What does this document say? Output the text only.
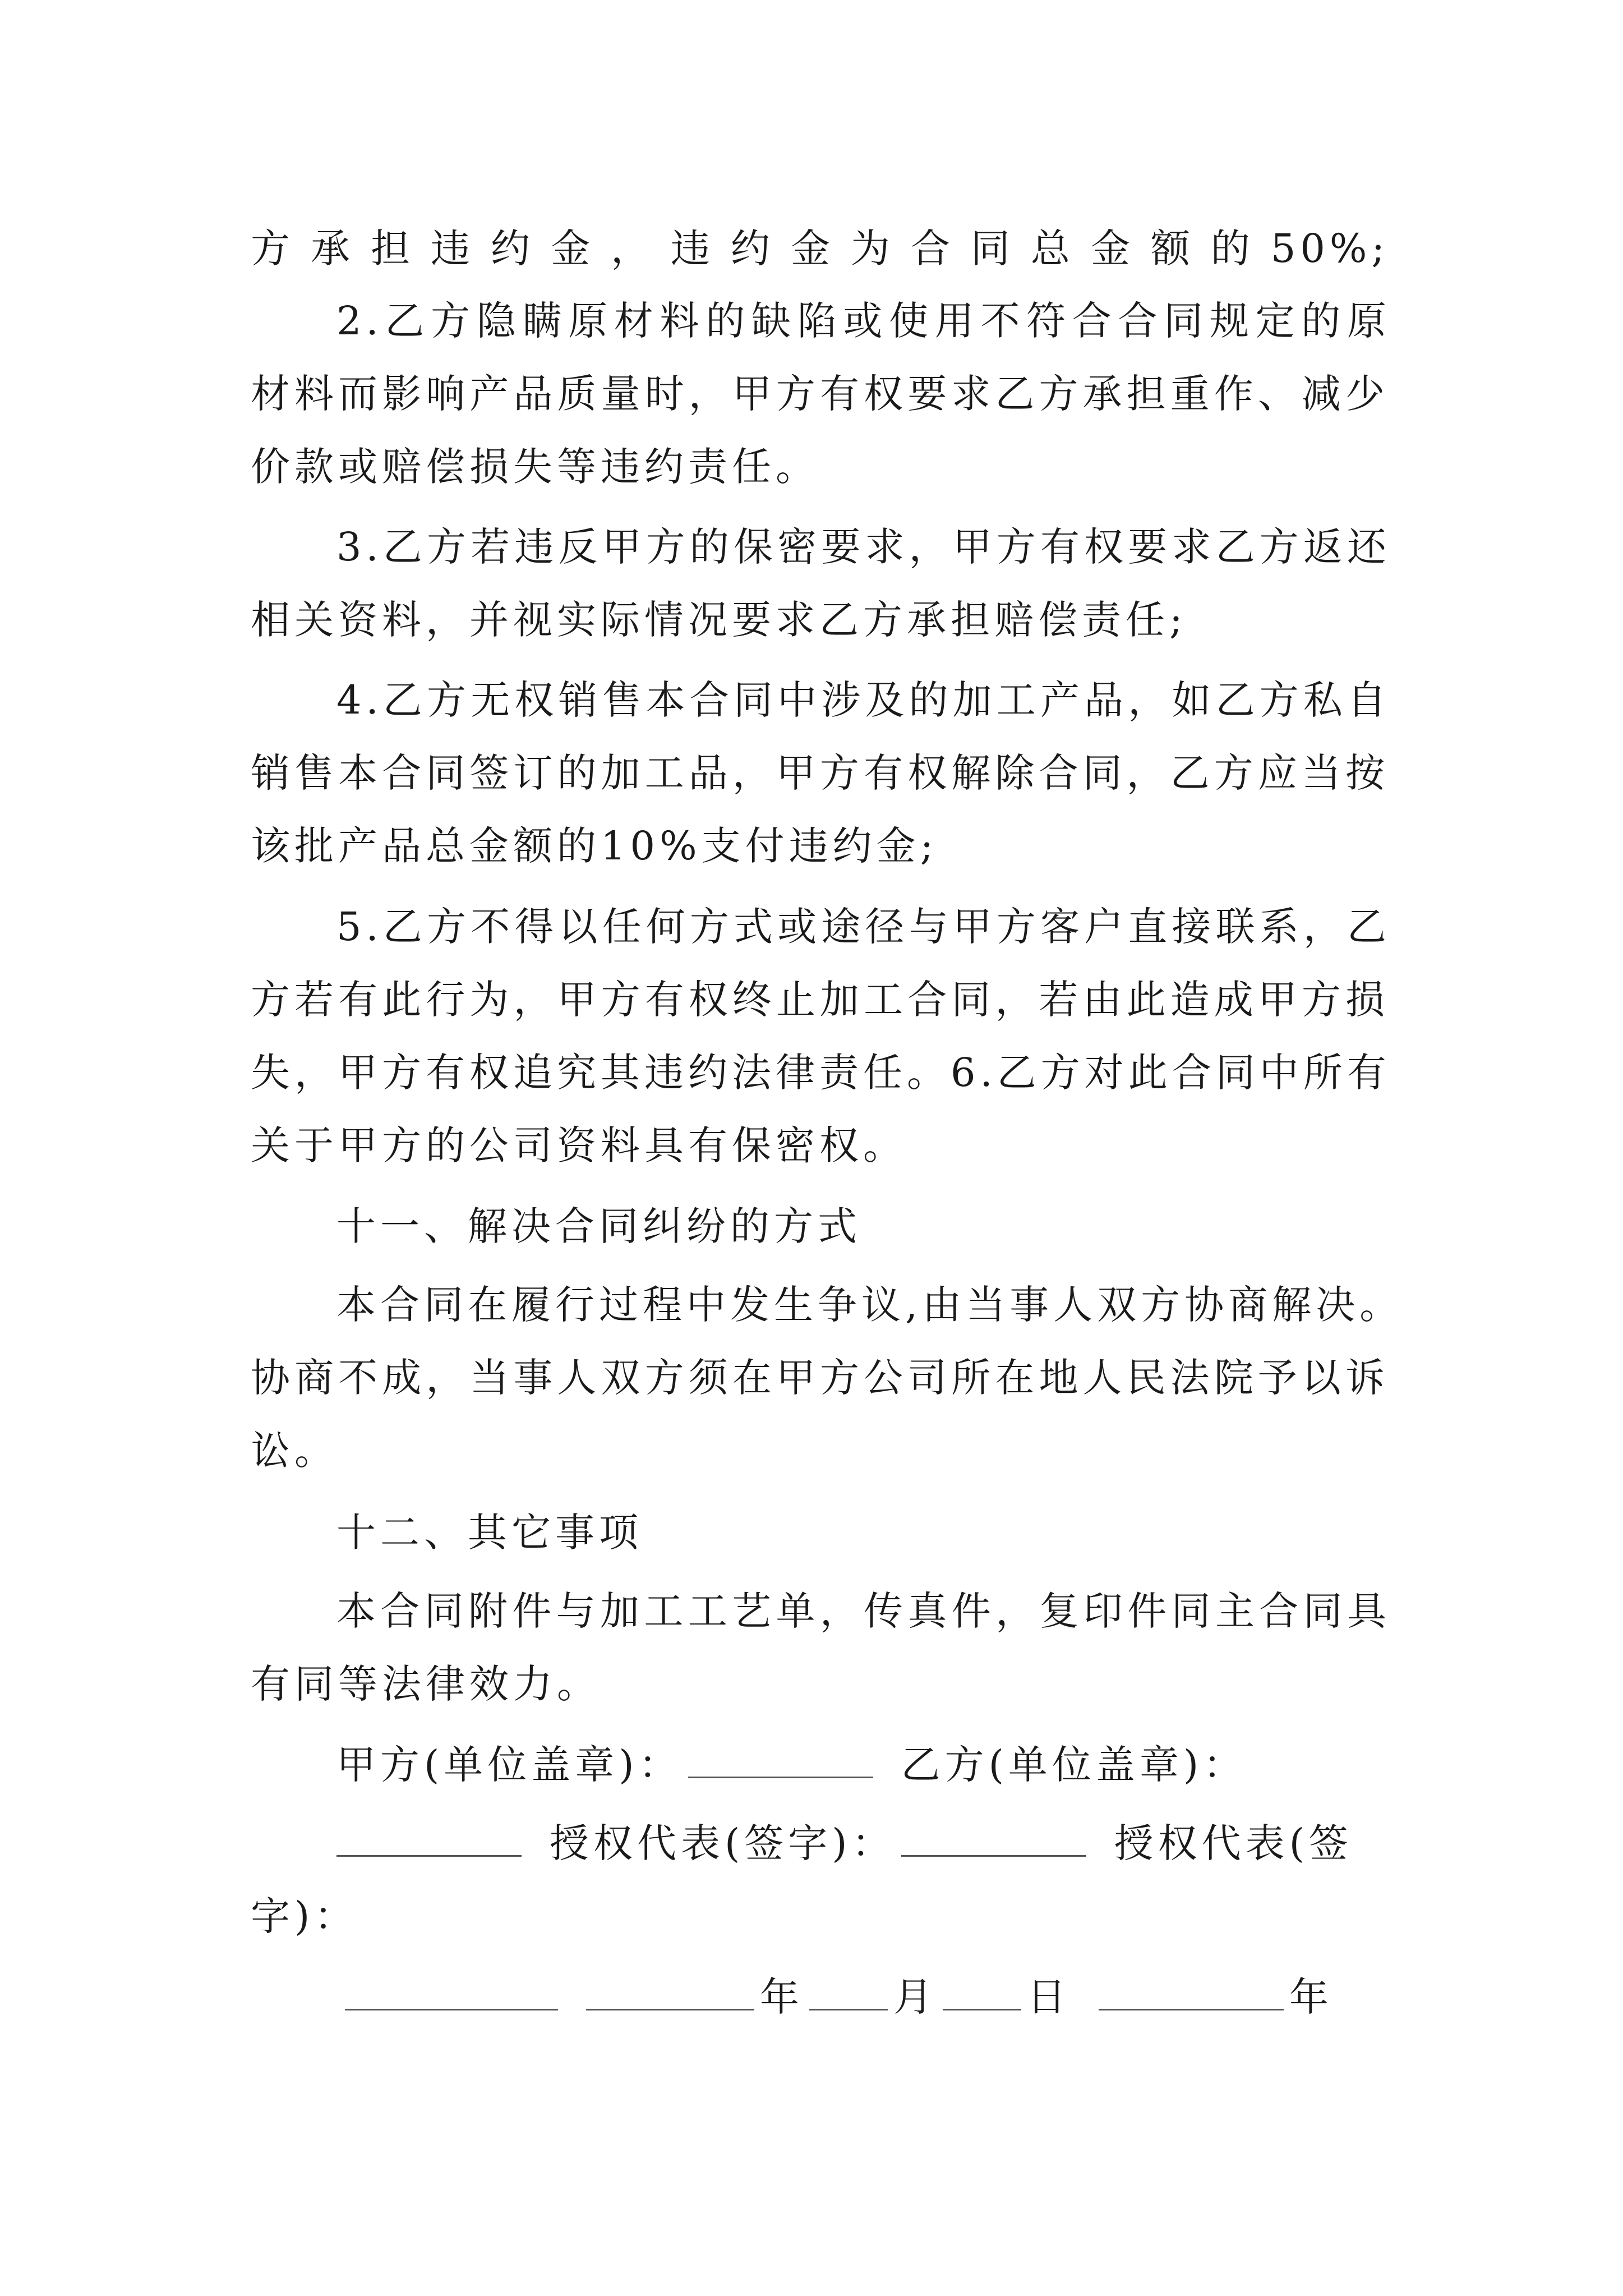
方承担违约金，违约金为合同总金额的50%;
2.乙方隐瞒原材料的缺陷或使用不符合合同规定的原
材料而影响产品质量时，甲方有权要求乙方承担重作、减少
价款或赔偿损失等违约责任。
3.乙方若违反甲方的保密要求，甲方有权要求乙方返还
相关资料，并视实际情况要求乙方承担赔偿责任;
4.乙方无权销售本合同中涉及的加工产品，如乙方私自
销售本合同签订的加工品，甲方有权解除合同，乙方应当按
该批产品总金额的10%支付违约金;
5.乙方不得以任何方式或途径与甲方客户直接联系，乙
方若有此行为，甲方有权终止加工合同，若由此造成甲方损
失，甲方有权追究其违约法律责任。6.乙方对此合同中所有
关于甲方的公司资料具有保密权。
十一、解决合同纠纷的方式
本合同在履行过程中发生争议,由当事人双方协商解决。
协商不成，当事人双方须在甲方公司所在地人民法院予以诉
讼。
十二、其它事项
本合同附件与加工工艺单，传真件，复印件同主合同具
有同等法律效力。
甲方(单位盖章)：	乙方(单位盖章)：
授权代表(签字)：	授权代表(签
字)：
年 月 日	年
